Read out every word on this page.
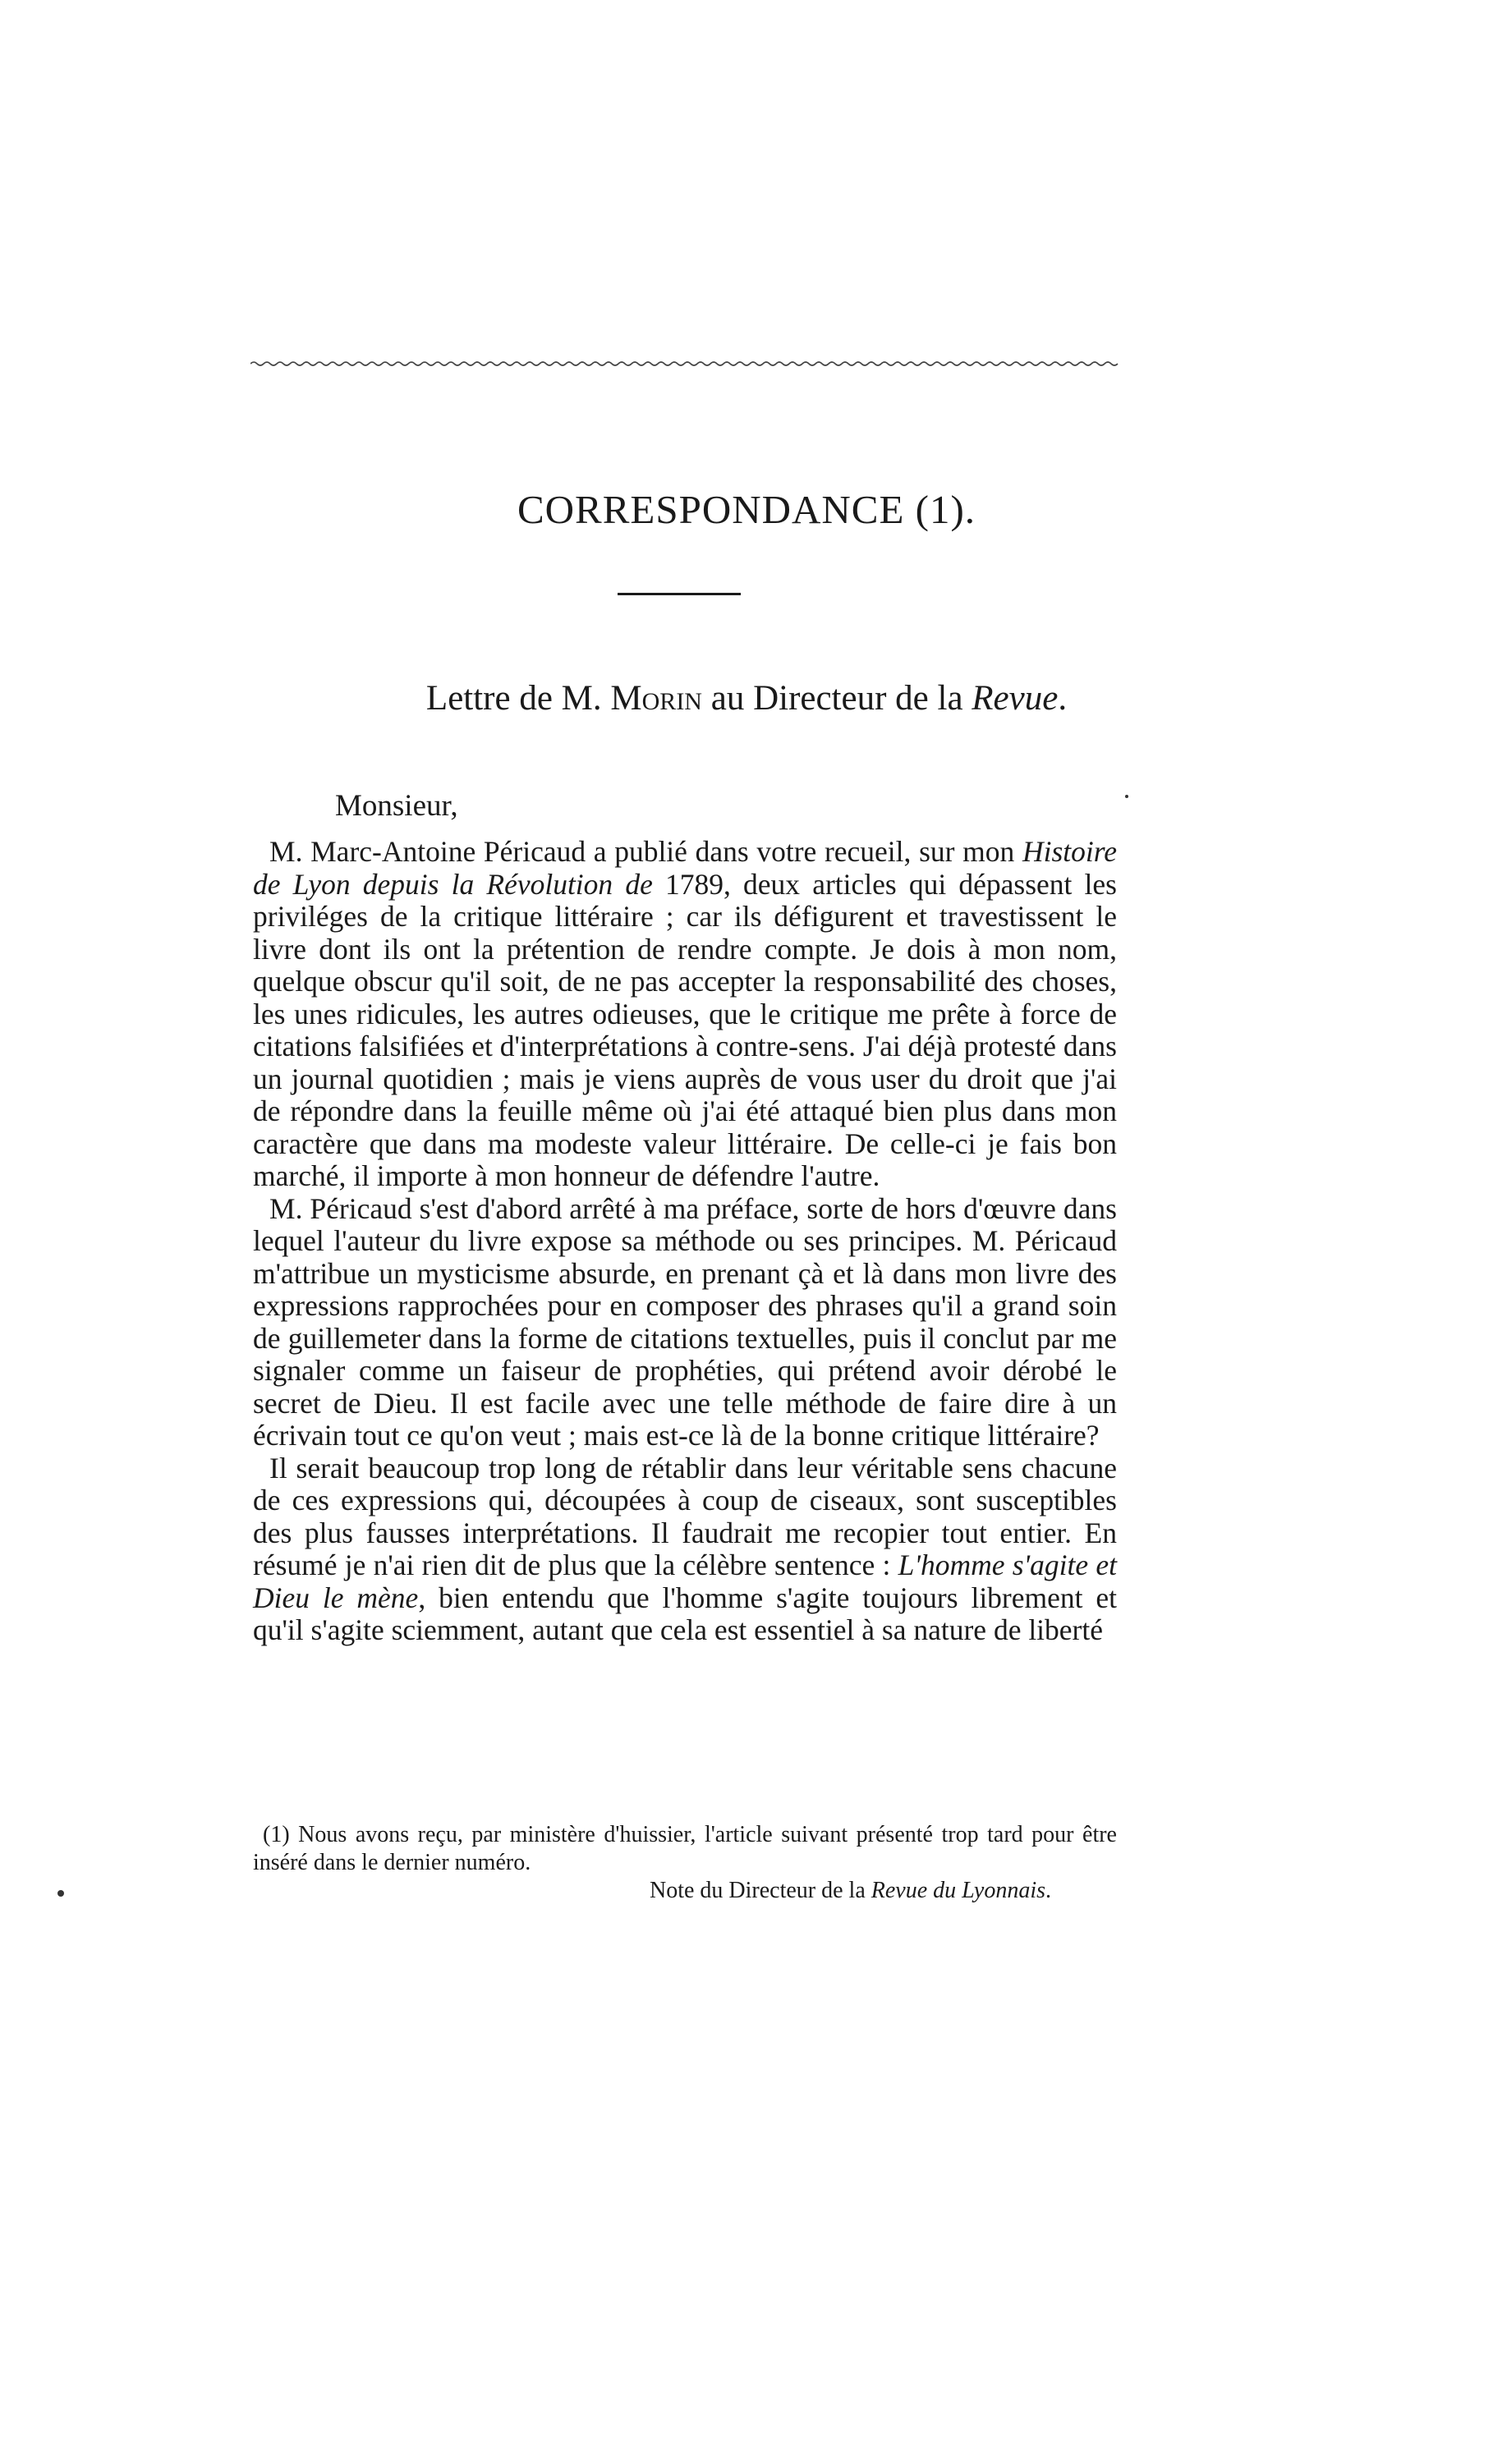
CORRESPONDANCE (1).
Lettre de M. Morin au Directeur de la Revue.

Monsieur,

M. Marc-Antoine Péricaud a publié dans votre recueil, sur mon Histoire de Lyon depuis la Révolution de 1789, deux articles qui dépassent les priviléges de la critique littéraire ; car ils défigurent et travestissent le livre dont ils ont la prétention de rendre compte. Je dois à mon nom, quelque obscur qu'il soit, de ne pas accepter la responsabilité des choses, les unes ridicules, les autres odieuses, que le critique me prête à force de citations falsifiées et d'interprétations à contre-sens. J'ai déjà protesté dans un journal quotidien ; mais je viens auprès de vous user du droit que j'ai de répondre dans la feuille même où j'ai été attaqué bien plus dans mon caractère que dans ma modeste valeur littéraire. De celle-ci je fais bon marché, il importe à mon honneur de défendre l'autre.

M. Péricaud s'est d'abord arrêté à ma préface, sorte de hors d'œuvre dans lequel l'auteur du livre expose sa méthode ou ses principes. M. Péricaud m'attribue un mysticisme absurde, en prenant çà et là dans mon livre des expressions rapprochées pour en composer des phrases qu'il a grand soin de guillemeter dans la forme de citations textuelles, puis il conclut par me signaler comme un faiseur de prophéties, qui prétend avoir dérobé le secret de Dieu. Il est facile avec une telle méthode de faire dire à un écrivain tout ce qu'on veut ; mais est-ce là de la bonne critique littéraire?

Il serait beaucoup trop long de rétablir dans leur véritable sens chacune de ces expressions qui, découpées à coup de ciseaux, sont susceptibles des plus fausses interprétations. Il faudrait me recopier tout entier. En résumé je n'ai rien dit de plus que la célèbre sentence : L'homme s'agite et Dieu le mène, bien entendu que l'homme s'agite toujours librement et qu'il s'agite sciemment, autant que cela est essentiel à sa nature de liberté

(1) Nous avons reçu, par ministère d'huissier, l'article suivant présenté trop tard pour être inséré dans le dernier numéro.

Note du Directeur de la Revue du Lyonnais.
